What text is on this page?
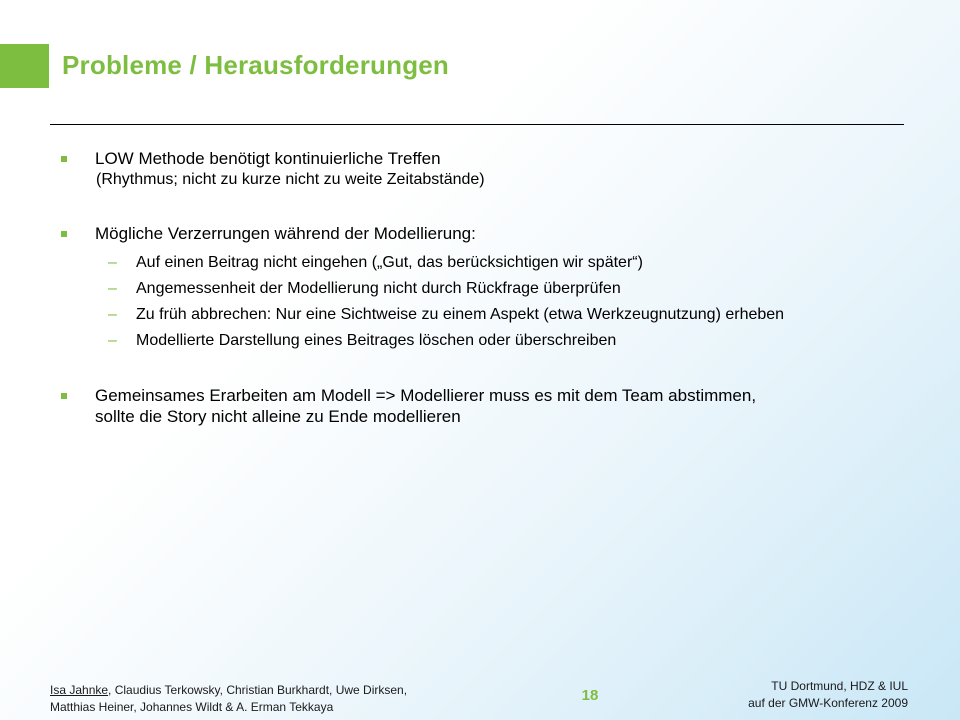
Probleme / Herausforderungen
LOW Methode benötigt kontinuierliche Treffen
(Rhythmus; nicht zu kurze nicht zu weite Zeitabstände)
Mögliche Verzerrungen während der Modellierung:
– Auf einen Beitrag nicht eingehen („Gut, das berücksichtigen wir später“)
– Angemessenheit der Modellierung nicht durch Rückfrage überprüfen
– Zu früh abbrechen: Nur eine Sichtweise zu einem Aspekt (etwa Werkzeugnutzung) erheben
– Modellierte Darstellung eines Beitrages löschen oder überschreiben
Gemeinsames Erarbeiten am Modell => Modellierer muss es mit dem Team abstimmen,
sollte die Story nicht alleine zu Ende modellieren
Isa Jahnke, Claudius Terkowsky, Christian Burkhardt, Uwe Dirksen,
Matthias Heiner, Johannes Wildt & A. Erman Tekkaya
18
TU Dortmund, HDZ & IUL
auf der GMW-Konferenz 2009
